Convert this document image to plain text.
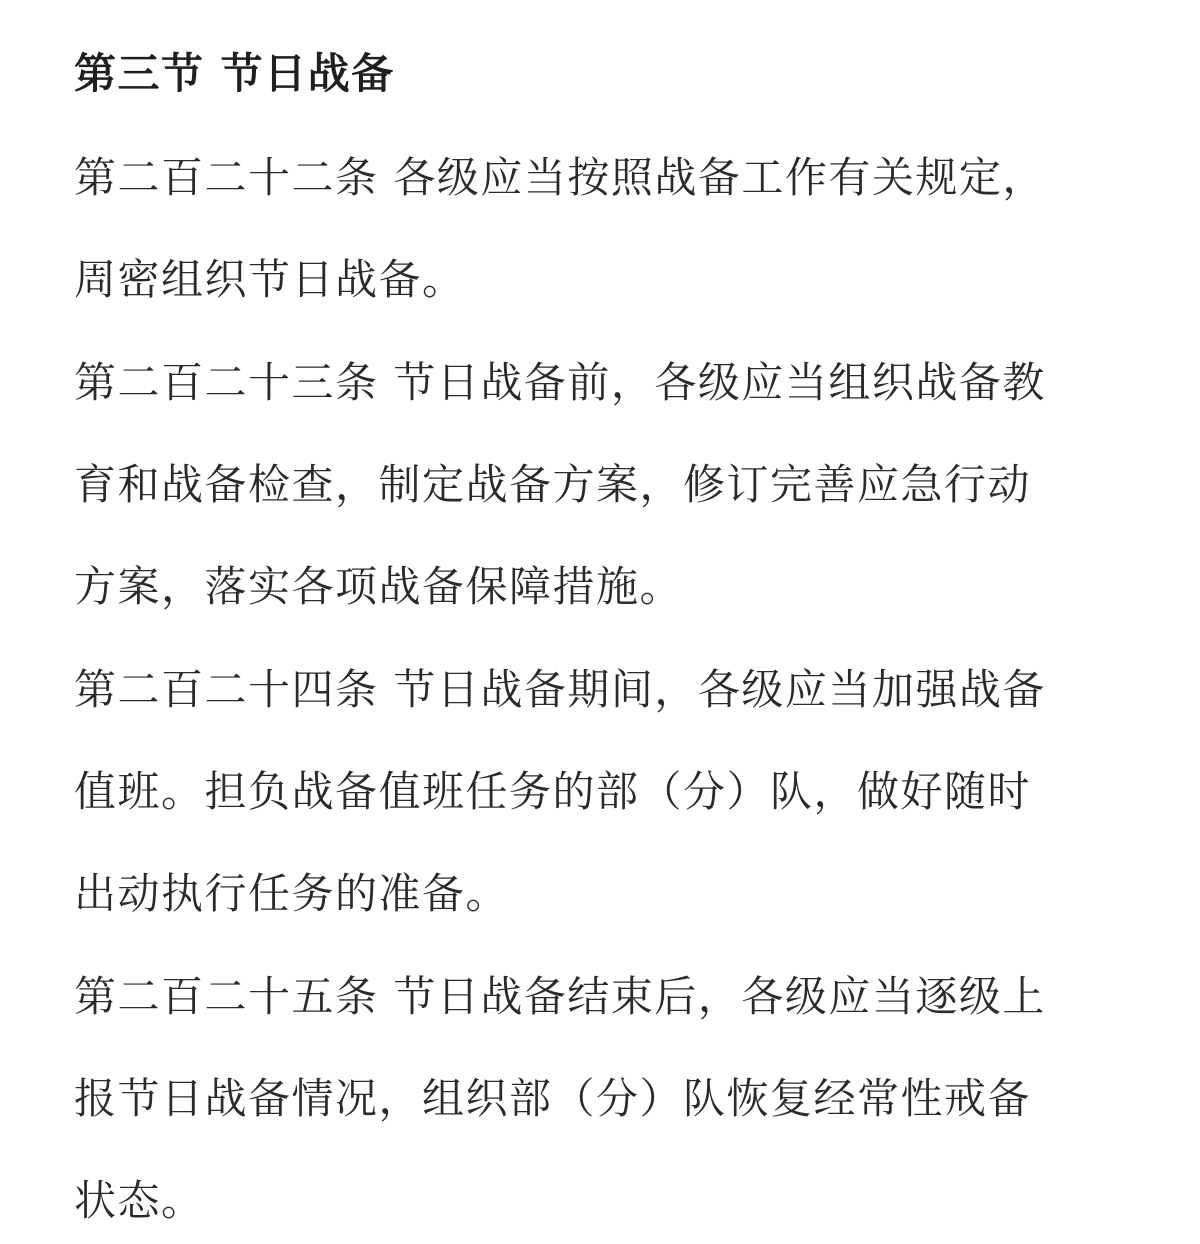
第三节 节日战备
第二百二十二条 各级应当按照战备工作有关规定，
周密组织节日战备。
第二百二十三条 节日战备前，各级应当组织战备教
育和战备检查，制定战备方案，修订完善应急行动
方案，落实各项战备保障措施。
第二百二十四条 节日战备期间，各级应当加强战备
值班。担负战备值班任务的部（分）队，做好随时
出动执行任务的准备。
第二百二十五条 节日战备结束后，各级应当逐级上
报节日战备情况，组织部（分）队恢复经常性戒备
状态。
